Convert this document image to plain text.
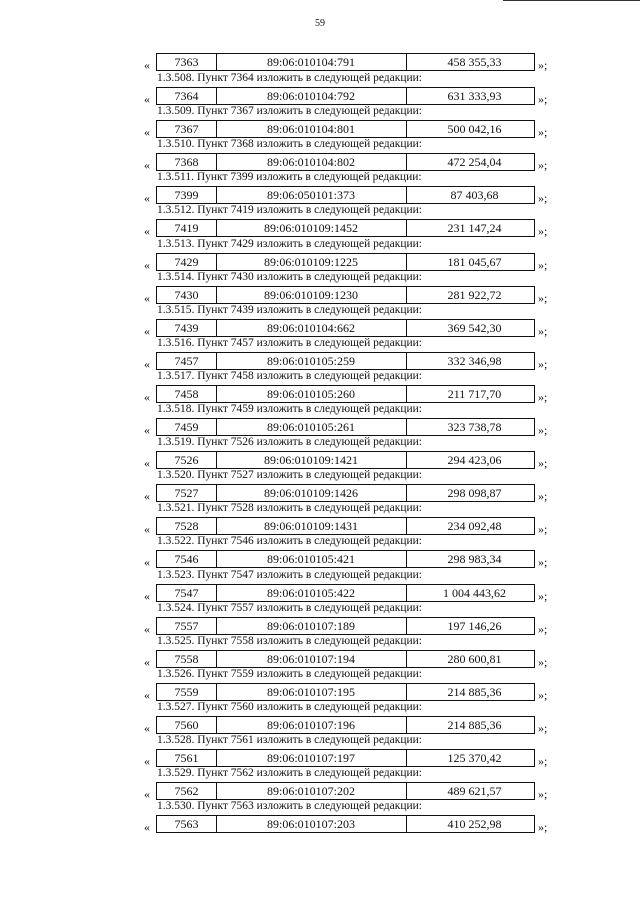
59
«	7363	89:06:010104:791	458 355,33	»;
1.3.508. Пункт 7364 изложить в следующей редакции:
«	7364	89:06:010104:792	631 333,93	»;
1.3.509. Пункт 7367 изложить в следующей редакции:
«	7367	89:06:010104:801	500 042,16	»;
1.3.510. Пункт 7368 изложить в следующей редакции:
«	7368	89:06:010104:802	472 254,04	»;
1.3.511. Пункт 7399 изложить в следующей редакции:
«	7399	89:06:050101:373	87 403,68	»;
1.3.512. Пункт 7419 изложить в следующей редакции:
«	7419	89:06:010109:1452	231 147,24	»;
1.3.513. Пункт 7429 изложить в следующей редакции:
«	7429	89:06:010109:1225	181 045,67	»;
1.3.514. Пункт 7430 изложить в следующей редакции:
«	7430	89:06:010109:1230	281 922,72	»;
1.3.515. Пункт 7439 изложить в следующей редакции:
«	7439	89:06:010104:662	369 542,30	»;
1.3.516. Пункт 7457 изложить в следующей редакции:
«	7457	89:06:010105:259	332 346,98	»;
1.3.517. Пункт 7458 изложить в следующей редакции:
«	7458	89:06:010105:260	211 717,70	»;
1.3.518. Пункт 7459 изложить в следующей редакции:
«	7459	89:06:010105:261	323 738,78	»;
1.3.519. Пункт 7526 изложить в следующей редакции:
«	7526	89:06:010109:1421	294 423,06	»;
1.3.520. Пункт 7527 изложить в следующей редакции:
«	7527	89:06:010109:1426	298 098,87	»;
1.3.521. Пункт 7528 изложить в следующей редакции:
«	7528	89:06:010109:1431	234 092,48	»;
1.3.522. Пункт 7546 изложить в следующей редакции:
«	7546	89:06:010105:421	298 983,34	»;
1.3.523. Пункт 7547 изложить в следующей редакции:
«	7547	89:06:010105:422	1 004 443,62	»;
1.3.524. Пункт 7557 изложить в следующей редакции:
«	7557	89:06:010107:189	197 146,26	»;
1.3.525. Пункт 7558 изложить в следующей редакции:
«	7558	89:06:010107:194	280 600,81	»;
1.3.526. Пункт 7559 изложить в следующей редакции:
«	7559	89:06:010107:195	214 885,36	»;
1.3.527. Пункт 7560 изложить в следующей редакции:
«	7560	89:06:010107:196	214 885,36	»;
1.3.528. Пункт 7561 изложить в следующей редакции:
«	7561	89:06:010107:197	125 370,42	»;
1.3.529. Пункт 7562 изложить в следующей редакции:
«	7562	89:06:010107:202	489 621,57	»;
1.3.530. Пункт 7563 изложить в следующей редакции:
«	7563	89:06:010107:203	410 252,98	»;
